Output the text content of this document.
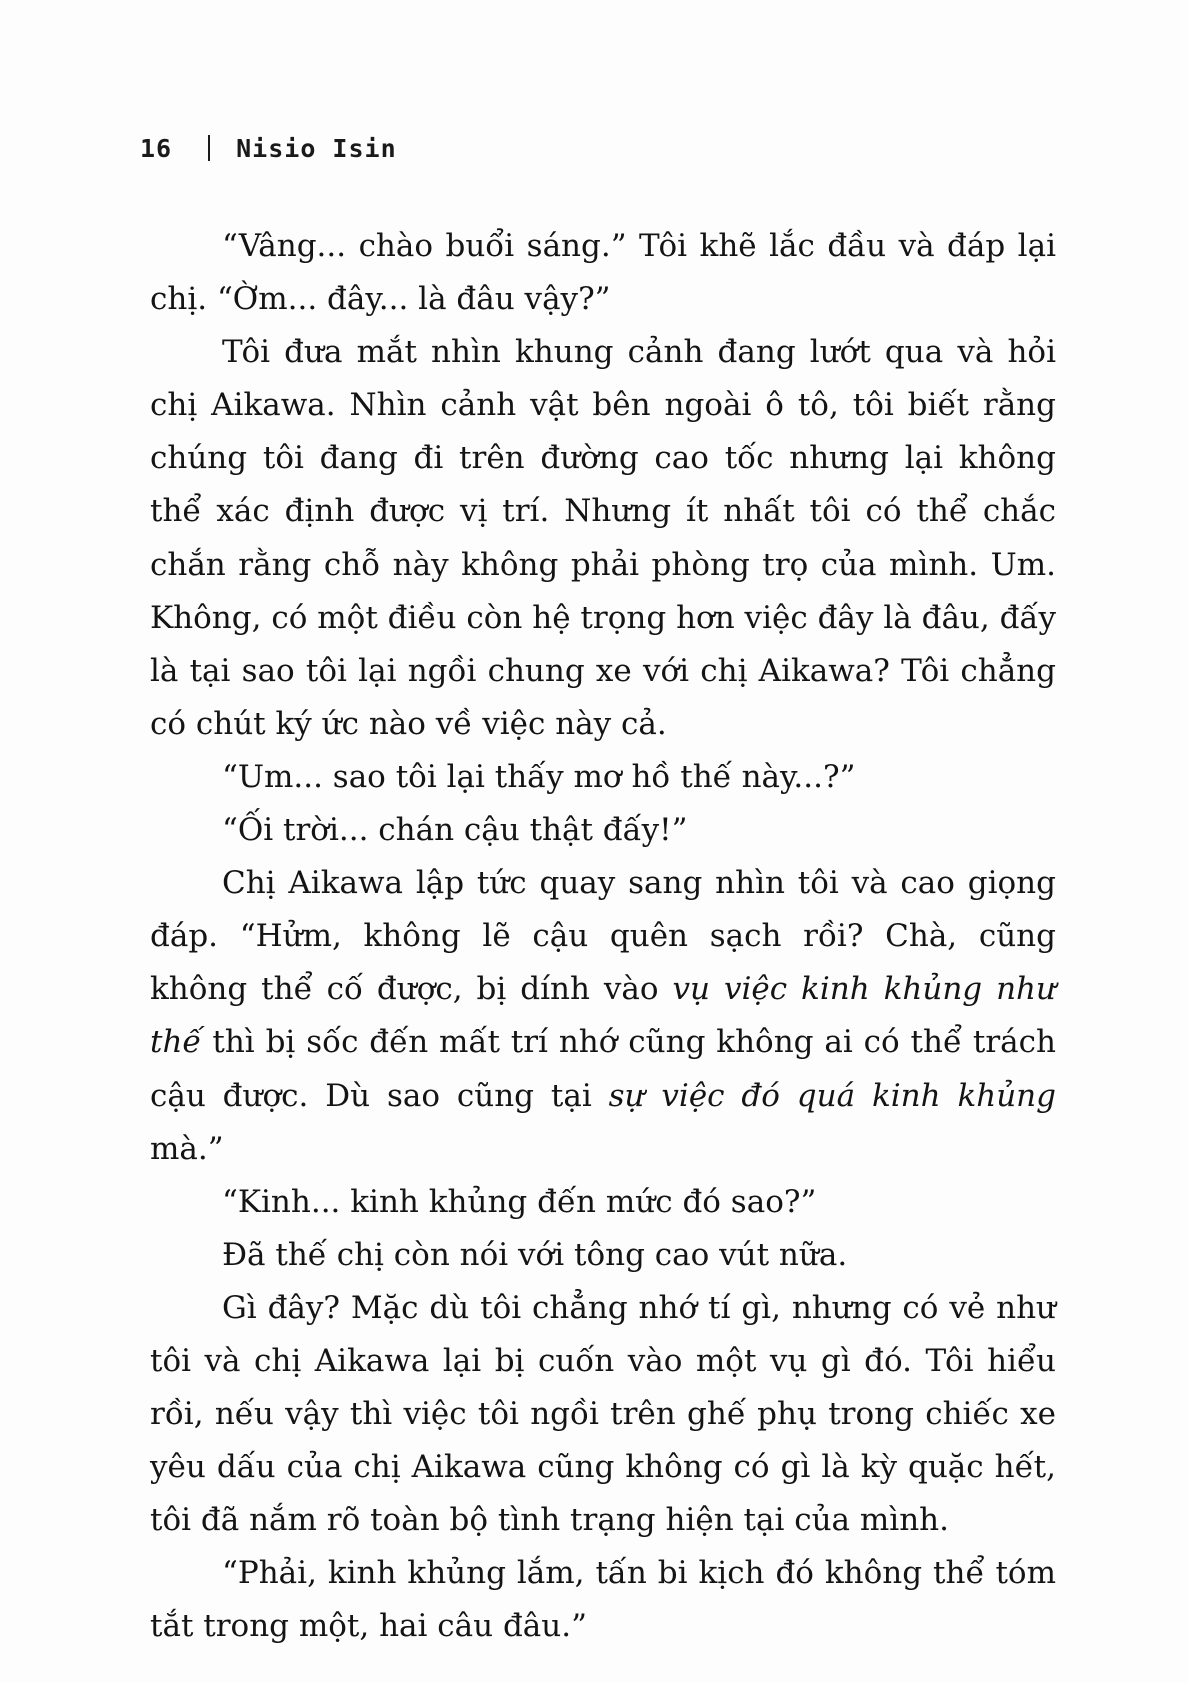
16	Nisio Isin

“Vâng... chào buổi sáng.” Tôi khẽ lắc đầu và đáp lại chị. “Ờm... đây... là đâu vậy?”

Tôi đưa mắt nhìn khung cảnh đang lướt qua và hỏi chị Aikawa. Nhìn cảnh vật bên ngoài ô tô, tôi biết rằng chúng tôi đang đi trên đường cao tốc nhưng lại không thể xác định được vị trí. Nhưng ít nhất tôi có thể chắc chắn rằng chỗ này không phải phòng trọ của mình. Um. Không, có một điều còn hệ trọng hơn việc đây là đâu, đấy là tại sao tôi lại ngồi chung xe với chị Aikawa? Tôi chẳng có chút ký ức nào về việc này cả.

“Um... sao tôi lại thấy mơ hồ thế này...?”

“Ối trời... chán cậu thật đấy!”

Chị Aikawa lập tức quay sang nhìn tôi và cao giọng đáp. “Hửm, không lẽ cậu quên sạch rồi? Chà, cũng không thể cố được, bị dính vào vụ việc kinh khủng như thế thì bị sốc đến mất trí nhớ cũng không ai có thể trách cậu được. Dù sao cũng tại sự việc đó quá kinh khủng mà.”

“Kinh... kinh khủng đến mức đó sao?”

Đã thế chị còn nói với tông cao vút nữa.

Gì đây? Mặc dù tôi chẳng nhớ tí gì, nhưng có vẻ như tôi và chị Aikawa lại bị cuốn vào một vụ gì đó. Tôi hiểu rồi, nếu vậy thì việc tôi ngồi trên ghế phụ trong chiếc xe yêu dấu của chị Aikawa cũng không có gì là kỳ quặc hết, tôi đã nắm rõ toàn bộ tình trạng hiện tại của mình.

“Phải, kinh khủng lắm, tấn bi kịch đó không thể tóm tắt trong một, hai câu đâu.”
